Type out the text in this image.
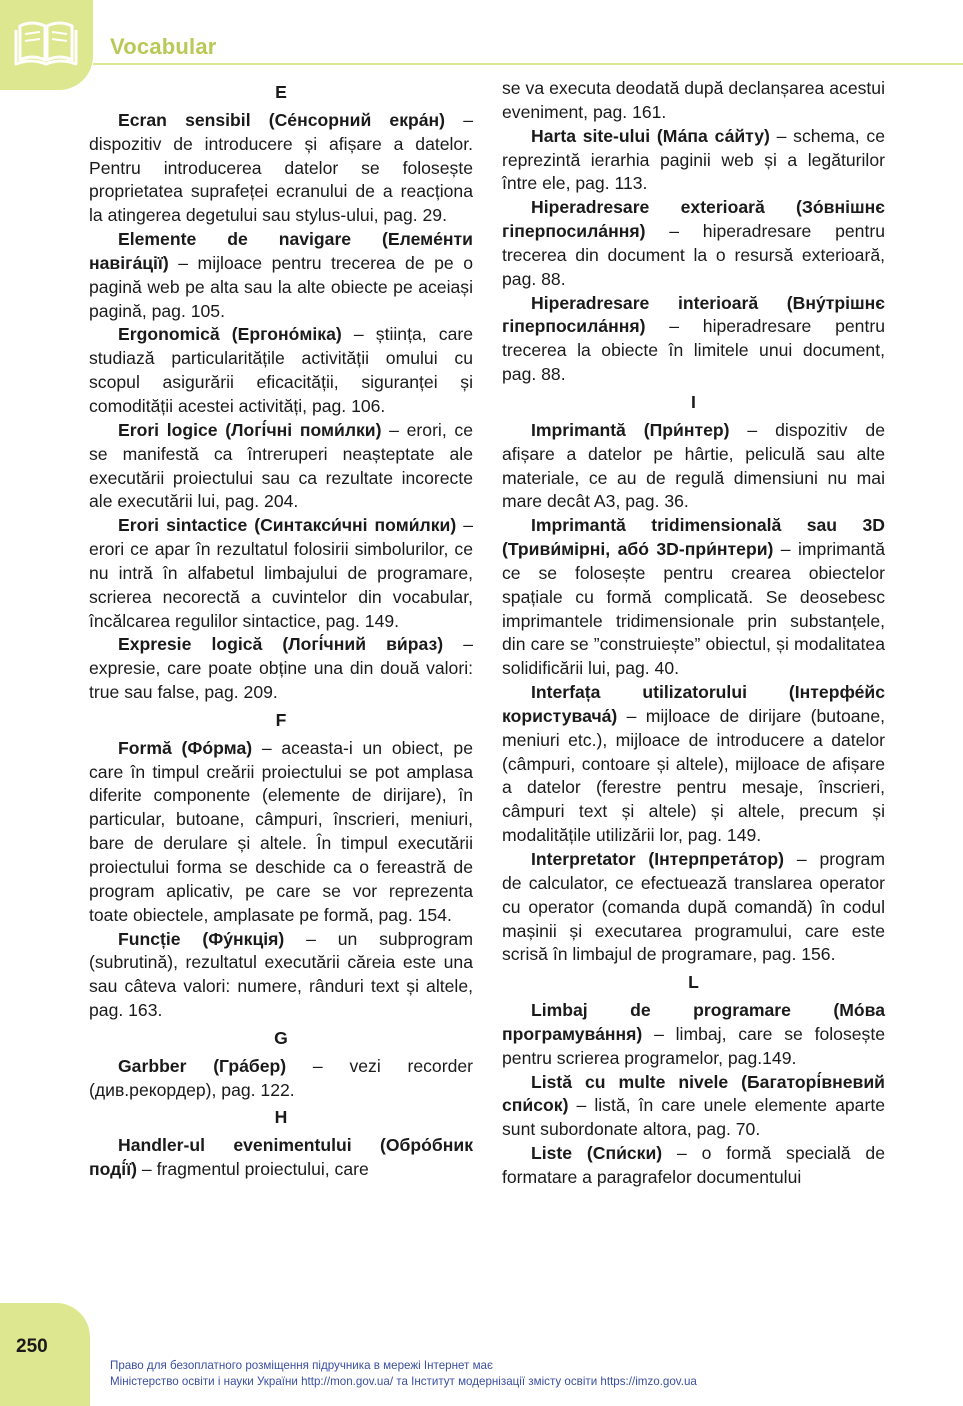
Vocabular

E

Ecran sensibil (Се́нсорний екра́н) – dispozitiv de introducere și afișare a datelor. Pentru introducerea datelor se folosește proprietatea suprafeței ecranului de a reacționa la atingerea degetului sau stylus-ului, pag. 29.

Elemente de navigare (Елеме́нти навіга́ції) – mijloace pentru trecerea de pe o pagină web pe alta sau la alte obiecte pe aceiași pagină, pag. 105.

Ergonomică (Ергоно́міка) – știința, care studiază particularitățile activității omului cu scopul asigurării eficacității, siguranței și comodității acestei activități, pag. 106.

Erori logice (Логі́чні поми́лки) – erori, ce se manifestă ca întreruperi neașteptate ale executării proiectului sau ca rezultate incorecte ale executării lui, pag. 204.

Erori sintactice (Синтакси́чні поми́лки) – erori ce apar în rezultatul folosirii simbolurilor, ce nu intră în alfabetul limbajului de programare, scrierea necorectă a cuvintelor din vocabular, încălcarea regulilor sintactice, pag. 149.

Expresie logică (Логі́чний ви́раз) – expresie, care poate obține una din două valori: true sau false, pag. 209.

F

Formă (Фо́рма) – aceasta-i un obiect, pe care în timpul creării proiectului se pot amplasa diferite componente (elemente de dirijare), în particular, butoane, câmpuri, înscrieri, meniuri, bare de derulare și altele. În timpul executării proiectului forma se deschide ca o fereastră de program aplicativ, pe care se vor reprezenta toate obiectele, amplasate pe formă, pag. 154.

Funcție (Фу́нкція) – un subprogram (subrutină), rezultatul executării căreia este una sau câteva valori: numere, rânduri text și altele, pag. 163.

G

Garbber (Гра́бер) – vezi recorder (див.рекордер), pag. 122.

H

Handler-ul evenimentului (Обро́бник поді́ї) – fragmentul proiectului, care

se va executa deodată după declanșarea acestui eveniment, pag. 161.

Harta site-ului (Ма́па са́йту) – schema, ce reprezintă ierarhia paginii web și a legăturilor între ele, pag. 113.

Hiperadresare exterioară (Зо́внішнє гіперпосила́ння) – hiperadresare pentru trecerea din document la o resursă exterioară, pag. 88.

Hiperadresare interioară (Вну́трішнє гіперпосила́ння) – hiperadresare pentru trecerea la obiecte în limitele unui document, pag. 88.

I

Imprimantă (При́нтер) – dispozitiv de afișare a datelor pe hârtie, peliculă sau alte materiale, ce au de regulă dimensiuni nu mai mare decât A3, pag. 36.

Imprimantă tridimensională sau 3D (Триви́мірні, або́ 3D-при́нтери) – imprimantă ce se folosește pentru crearea obiectelor spațiale cu formă complicată. Se deosebesc imprimantele tridimensionale prin substanțele, din care se ”construiește” obiectul, și modalitatea solidificării lui, pag. 40.

Interfața utilizatorului (Інтерфе́йс користувача́) – mijloace de dirijare (butoane, meniuri etc.), mijloace de introducere a datelor (câmpuri, contoare și altele), mijloace de afișare a datelor (ferestre pentru mesaje, înscrieri, câmpuri text și altele) și altele, precum și modalitățile utilizării lor, pag. 149.

Interpretator (Інтерпрета́тор) – program de calculator, ce efectuează translarea operator cu operator (comanda după comandă) în codul mașinii și executarea programului, care este scrisă în limbajul de programare, pag. 156.

L

Limbaj de programare (Мо́ва програмува́ння) – limbaj, care se folosește pentru scrierea programelor, pag.149.

Listă cu multe nivele (Багаторі́вневий спи́сок) – listă, în care unele elemente aparte sunt subordonate altora, pag. 70.

Liste (Спи́ски) – o formă specială de formatare a paragrafelor documentului

250
Право для безоплатного розміщення підручника в мережі Інтернет має
Міністерство освіти і науки України http://mon.gov.ua/ та Інститут модернізації змісту освіти https://imzo.gov.ua
